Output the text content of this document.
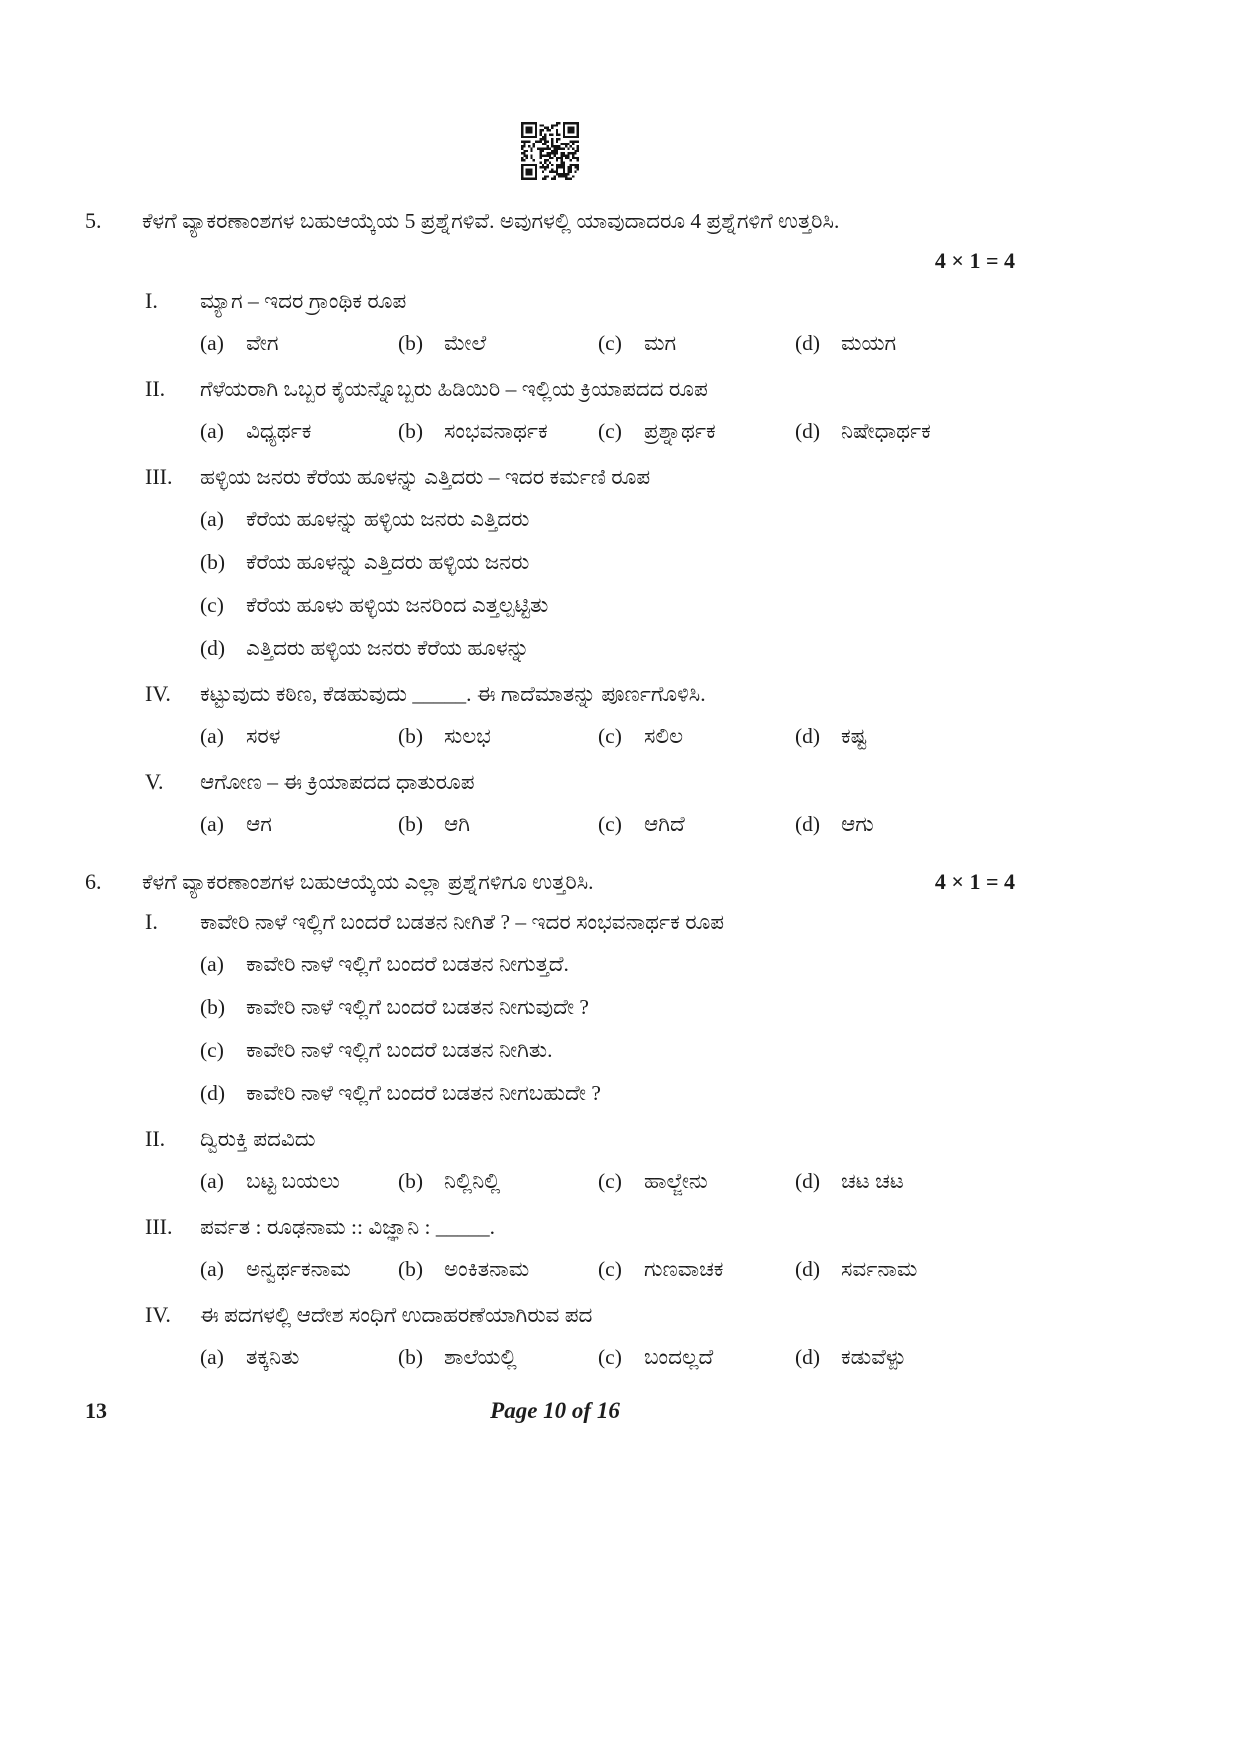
5.	ಕೆಳಗೆ ವ್ಯಾಕರಣಾಂಶಗಳ ಬಹುಆಯ್ಕೆಯ 5 ಪ್ರಶ್ನೆಗಳಿವೆ. ಅವುಗಳಲ್ಲಿ ಯಾವುದಾದರೂ 4 ಪ್ರಶ್ನೆಗಳಿಗೆ ಉತ್ತರಿಸಿ.
4 × 1 = 4
I.	ಮ್ಯಾಗ – ಇದರ ಗ್ರಾಂಥಿಕ ರೂಪ
(a)	ವೇಗ	(b) ಮೇಲೆ	(c)	ಮಗ	(d) ಮಯಗ
II.	ಗೆಳೆಯರಾಗಿ ಒಬ್ಬರ ಕೈಯನ್ನೊಬ್ಬರು ಹಿಡಿಯಿರಿ – ಇಲ್ಲಿಯ ಕ್ರಿಯಾಪದದ ರೂಪ
(a)	ವಿಧ್ಯರ್ಥಕ	(b) ಸಂಭವನಾರ್ಥಕ (c)	ಪ್ರಶ್ನಾರ್ಥಕ	(d) ನಿಷೇಧಾರ್ಥಕ
III.	ಹಳ್ಳಿಯ ಜನರು ಕೆರೆಯ ಹೂಳನ್ನು ಎತ್ತಿದರು – ಇದರ ಕರ್ಮಣಿ ರೂಪ
(a)	ಕೆರೆಯ ಹೂಳನ್ನು ಹಳ್ಳಿಯ ಜನರು ಎತ್ತಿದರು
(b) ಕೆರೆಯ ಹೂಳನ್ನು ಎತ್ತಿದರು ಹಳ್ಳಿಯ ಜನರು
(c)	ಕೆರೆಯ ಹೂಳು ಹಳ್ಳಿಯ ಜನರಿಂದ ಎತ್ತಲ್ಪಟ್ಟಿತು
(d) ಎತ್ತಿದರು ಹಳ್ಳಿಯ ಜನರು ಕೆರೆಯ ಹೂಳನ್ನು
IV.	ಕಟ್ಟುವುದು ಕಠಿಣ, ಕೆಡಹುವುದು _____. ಈ ಗಾದೆಮಾತನ್ನು ಪೂರ್ಣಗೊಳಿಸಿ.
(a)	ಸರಳ	(b) ಸುಲಭ	(c)	ಸಲಿಲ	(d) ಕಷ್ಟ
V.	ಆಗೋಣ – ಈ ಕ್ರಿಯಾಪದದ ಧಾತುರೂಪ
(a)	ಆಗ	(b) ಆಗಿ	(c)	ಆಗಿದೆ	(d) ಆಗು
6.	ಕೆಳಗೆ ವ್ಯಾಕರಣಾಂಶಗಳ ಬಹುಆಯ್ಕೆಯ ಎಲ್ಲಾ ಪ್ರಶ್ನೆಗಳಿಗೂ ಉತ್ತರಿಸಿ.	4 × 1 = 4
I.	ಕಾವೇರಿ ನಾಳೆ ಇಲ್ಲಿಗೆ ಬಂದರೆ ಬಡತನ ನೀಗಿತೆ ? – ಇದರ ಸಂಭವನಾರ್ಥಕ ರೂಪ
(a)	ಕಾವೇರಿ ನಾಳೆ ಇಲ್ಲಿಗೆ ಬಂದರೆ ಬಡತನ ನೀಗುತ್ತದೆ.
(b) ಕಾವೇರಿ ನಾಳೆ ಇಲ್ಲಿಗೆ ಬಂದರೆ ಬಡತನ ನೀಗುವುದೇ ?
(c)	ಕಾವೇರಿ ನಾಳೆ ಇಲ್ಲಿಗೆ ಬಂದರೆ ಬಡತನ ನೀಗಿತು.
(d) ಕಾವೇರಿ ನಾಳೆ ಇಲ್ಲಿಗೆ ಬಂದರೆ ಬಡತನ ನೀಗಬಹುದೇ ?
II.	ದ್ವಿರುಕ್ತಿ ಪದವಿದು
(a)	ಬಟ್ಟ ಬಯಲು	(b) ನಿಲ್ಲಿನಿಲ್ಲಿ	(c)	ಹಾಲ್ಜೇನು	(d) ಚಟ ಚಟ
III.	ಪರ್ವತ : ರೂಢನಾಮ :: ವಿಜ್ಞಾನಿ : _____.
(a)	ಅನ್ವರ್ಥಕನಾಮ (b) ಅಂಕಿತನಾಮ	(c)	ಗುಣವಾಚಕ	(d) ಸರ್ವನಾಮ
IV.	ಈ ಪದಗಳಲ್ಲಿ ಆದೇಶ ಸಂಧಿಗೆ ಉದಾಹರಣೆಯಾಗಿರುವ ಪದ
(a)	ತಕ್ಕನಿತು	(b) ಶಾಲೆಯಲ್ಲಿ	(c)	ಬಂದಲ್ಲದೆ	(d) ಕಡುವೆಳ್ಪು
13	Page 10 of 16
